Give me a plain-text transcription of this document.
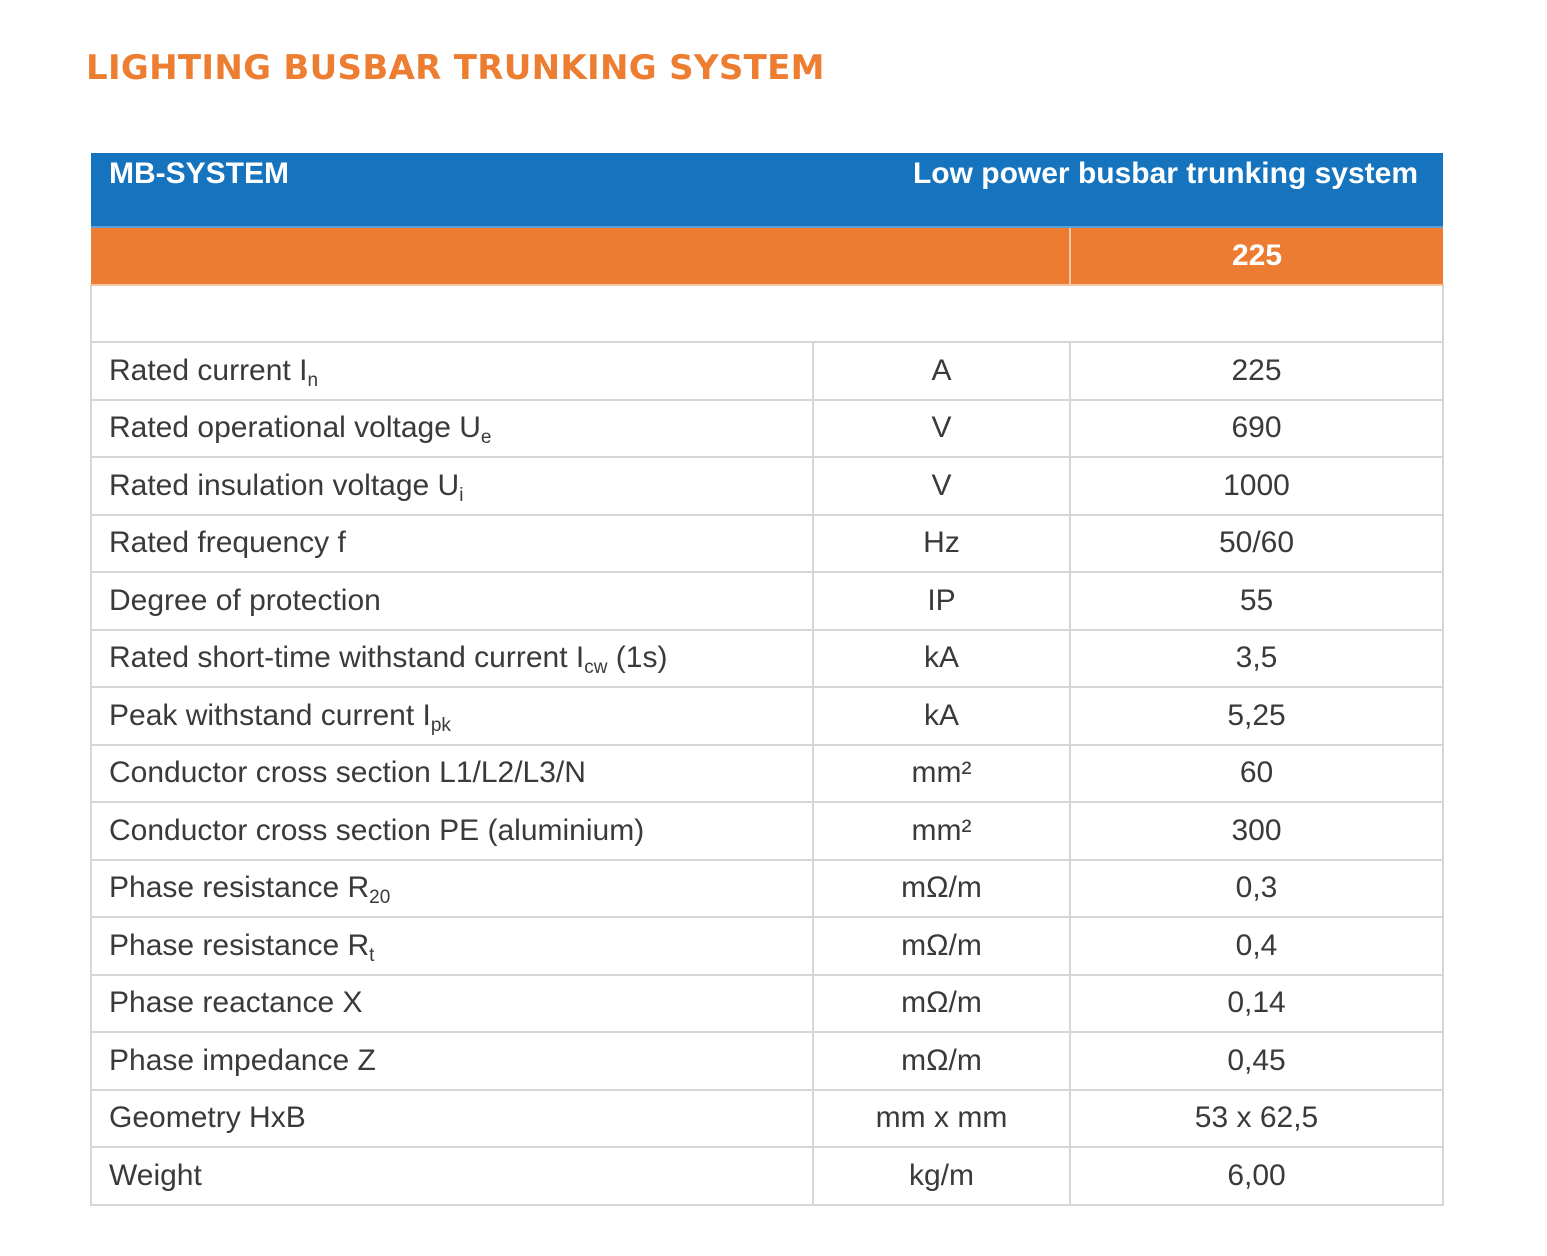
LIGHTING BUSBAR TRUNKING SYSTEM
MB-SYSTEM	Low power busbar trunking system	
		225

Rated current $I_n$	A	225
Rated operational voltage $U_e$	V	690
Rated insulation voltage $U_i$	V	1000
Rated frequency f	Hz	50/60
Degree of protection	IP	55
Rated short-time withstand current $I_{cw}$ (1s)	kA	3,5
Peak withstand current $I_{pk}$	kA	5,25
Conductor cross section L1/L2/L3/N	mm²	60
Conductor cross section PE (aluminium)	mm²	300
Phase resistance $R_{20}$	mΩ/m	0,3
Phase resistance $R_t$	mΩ/m	0,4
Phase reactance X	mΩ/m	0,14
Phase impedance Z	mΩ/m	0,45
Geometry HxB	mm x mm	53 x 62,5
Weight	kg/m	6,00
